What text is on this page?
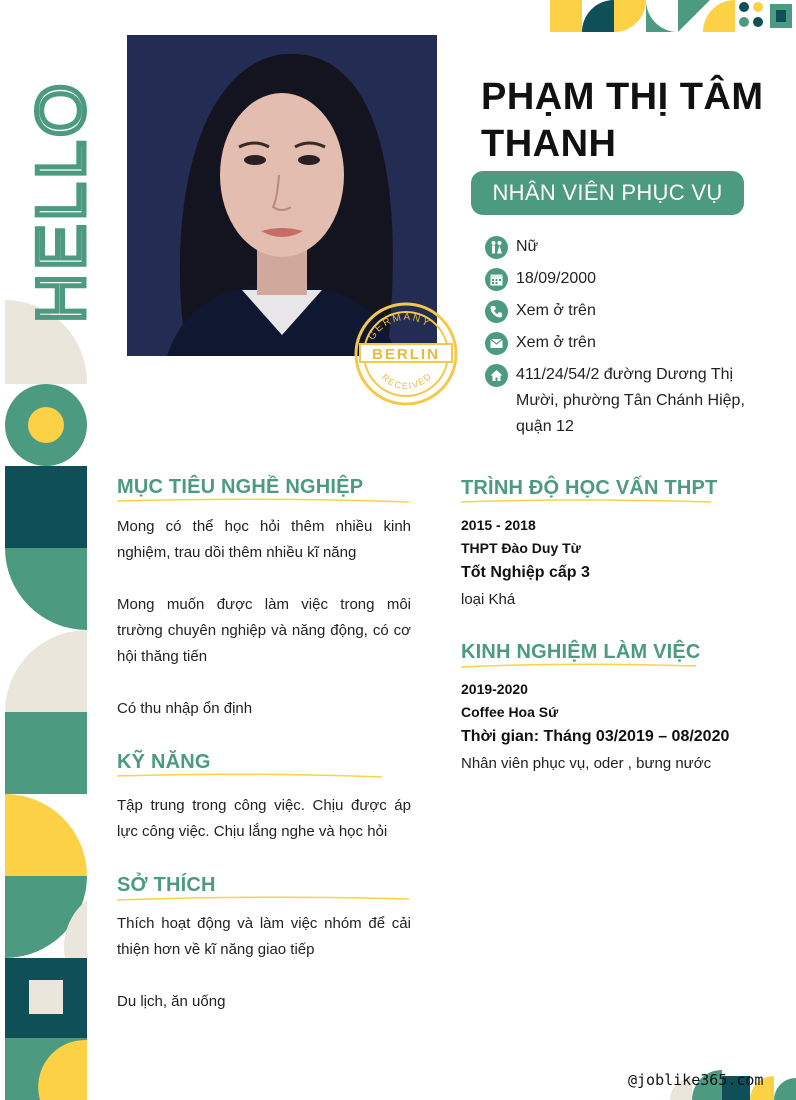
HELLO
GERMANY
BERLIN
RECEIVED
PHẠM THỊ TÂM THANH
NHÂN VIÊN PHỤC VỤ
Nữ
18/09/2000
Xem ở trên
Xem ở trên
411/24/54/2 đường Dương Thị Mười, phường Tân Chánh Hiệp, quận 12
MỤC TIÊU NGHỀ NGHIỆP
Mong có thể học hỏi thêm nhiều kinh nghiệm, trau dồi thêm nhiều kĩ năng
Mong muốn được làm việc trong môi trường chuyên nghiệp và năng động, có cơ hội thăng tiến
Có thu nhập ổn định
KỸ NĂNG
Tập trung trong công việc. Chịu được áp lực công việc. Chịu lắng nghe và học hỏi
SỞ THÍCH
Thích hoạt động và làm việc nhóm để cải thiện hơn về kĩ năng giao tiếp
Du lịch, ăn uống
TRÌNH ĐỘ HỌC VẤN THPT
2015 - 2018
THPT Đào Duy Từ
Tốt Nghiệp cấp 3
loại Khá
KINH NGHIỆM LÀM VIỆC
2019-2020
Coffee Hoa Sứ
Thời gian: Tháng 03/2019 – 08/2020
Nhân viên phục vụ, oder , bưng nước
@joblike365.com
